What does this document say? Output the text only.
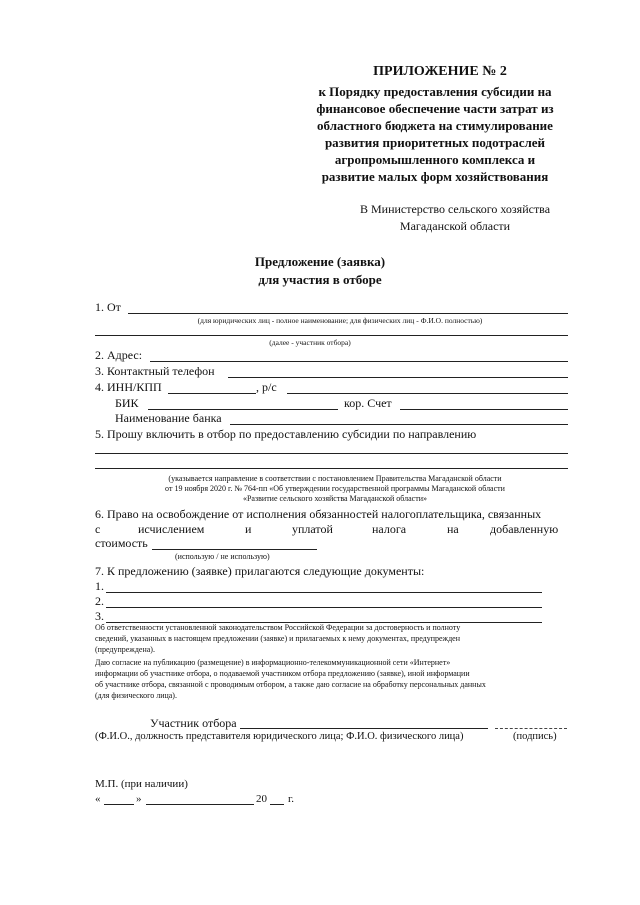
ПРИЛОЖЕНИЕ № 2
к Порядку предоставления субсидии на
финансовое обеспечение части затрат из
областного бюджета на стимулирование
развития приоритетных подотраслей
агропромышленного комплекса и
развитие малых форм хозяйствования
В Министерство сельского хозяйства
Магаданской области
Предложение (заявка)
для участия в отборе
1. От
(для юридических лиц - полное наименование; для физических лиц - Ф.И.О. полностью)
(далее - участник отбора)
2. Адрес:
3. Контактный телефон
4. ИНН/КПП	, р/с
БИК	кор. Счет
Наименование банка
5. Прошу включить в отбор по предоставлению субсидии по направлению
(указывается направление в соответствии с постановлением Правительства Магаданской области
от 19 ноября 2020 г. № 764-пп «Об утверждении государственной программы Магаданской области
«Развитие сельского хозяйства Магаданской области»
6. Право на освобождение от исполнения обязанностей налогоплательщика, связанных
с	исчислением	и	уплатой	налога	на	добавленную
стоимость
(использую / не использую)
7. К предложению (заявке) прилагаются следующие документы:
1.
2.
3.
Об ответственности установленной законодательством Российской Федерации за достоверность и полноту
сведений, указанных в настоящем предложении (заявке) и прилагаемых к нему документах, предупрежден
(предупреждена).
Даю согласие на публикацию (размещение) в информационно-телекоммуникационной сети «Интернет»
информации об участнике отбора, о подаваемой участником отбора предложению (заявке), иной информации
об участнике отбора, связанной с проводимым отбором, а также даю согласие на обработку персональных данных
(для физического лица).
Участник отбора
(Ф.И.О., должность представителя юридического лица; Ф.И.О. физического лица)	(подпись)
М.П. (при наличии)
«	»	20 г.
